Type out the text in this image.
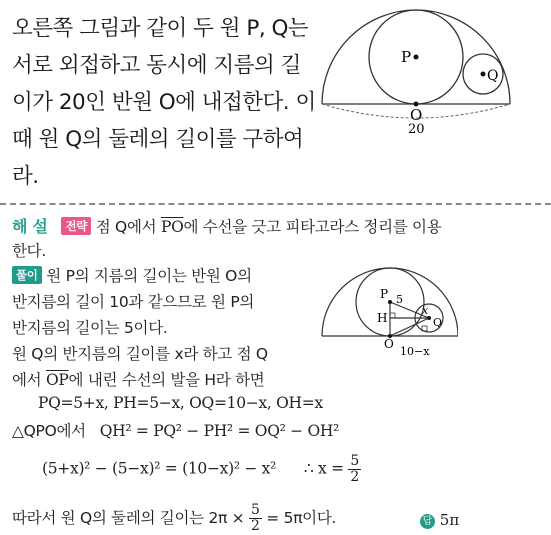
오른쪽 그림과 같이 두 원 P, Q는
서로 외접하고 동시에 지름의 길
이가 20인 반원 O에 내접한다. 이
때 원 Q의 둘레의 길이를 구하여
라.
P
Q
O
20
해 설 전략 점 Q에서 $\overline{PO}$에 수선을 긋고 피타고라스 정리를 이용
한다.
풀이 원 P의 지름의 길이는 반원 O의
반지름의 길이 10과 같으므로 원 P의
반지름의 길이는 5이다.
원 Q의 반지름의 길이를 x라 하고 점 Q
에서 $\overline{OP}$에 내린 수선의 발을 H라 하면
PQ=5+x, PH=5−x, OQ=10−x, OH=x
△QPO에서 QH² = PQ² − PH² = OQ² − OH²
(5+x)² − (5−x)² = (10−x)² − x² ∴ $x = \frac{5}{2}$
따라서 원 Q의 둘레의 길이는 $2\pi \times \frac{5}{2} = 5\pi$이다.	답 5π
P 5
H
x
Q
O
10−x
